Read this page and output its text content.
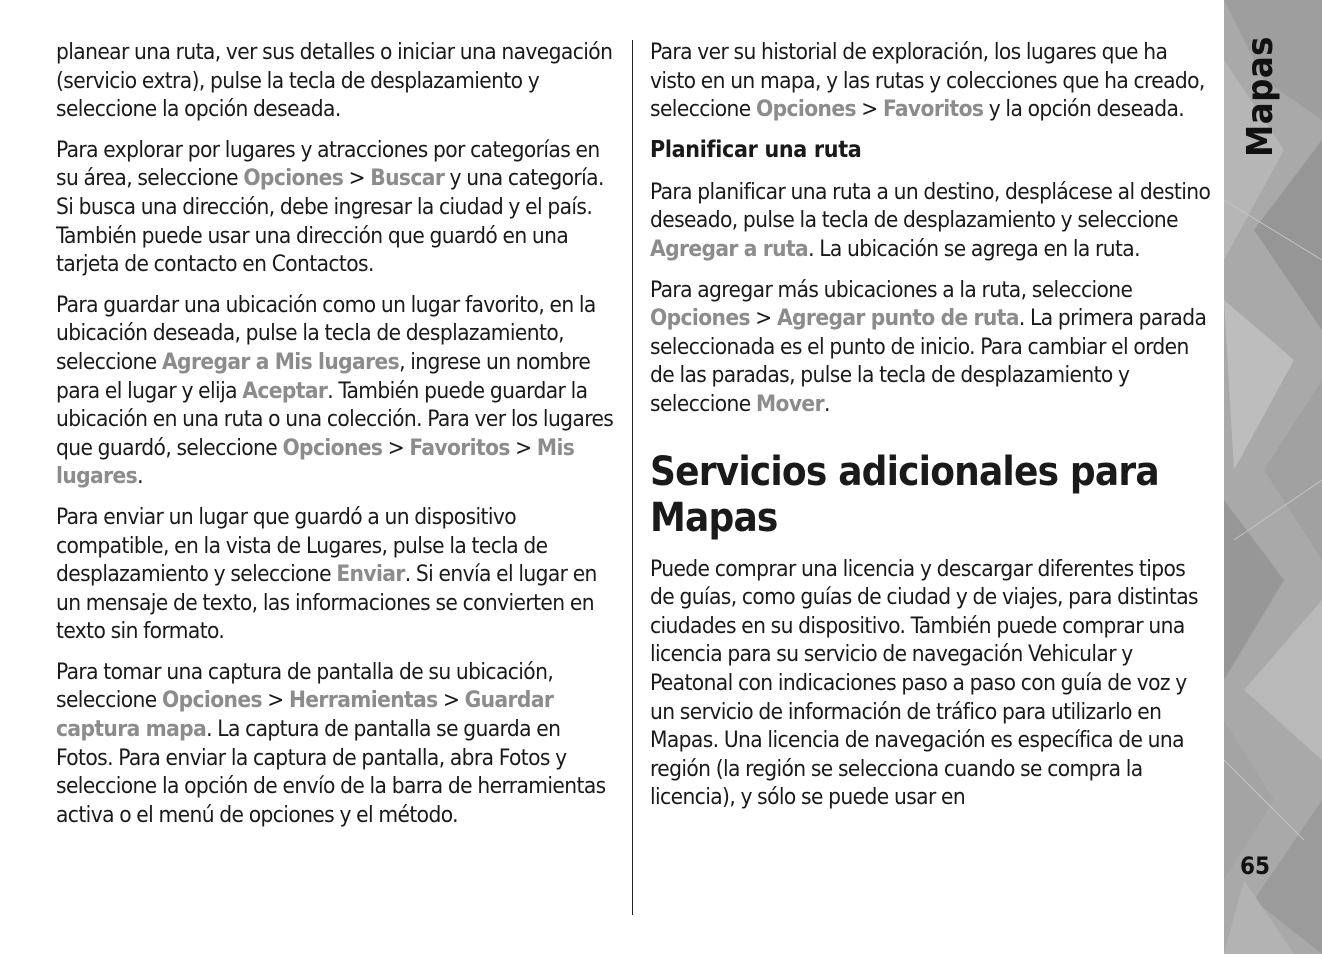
planear una ruta, ver sus detalles o iniciar una navegación (servicio extra), pulse la tecla de desplazamiento y seleccione la opción deseada.

Para explorar por lugares y atracciones por categorías en su área, seleccione Opciones > Buscar y una categoría. Si busca una dirección, debe ingresar la ciudad y el país. También puede usar una dirección que guardó en una tarjeta de contacto en Contactos.

Para guardar una ubicación como un lugar favorito, en la ubicación deseada, pulse la tecla de desplazamiento, seleccione Agregar a Mis lugares, ingrese un nombre para el lugar y elija Aceptar. También puede guardar la ubicación en una ruta o una colección. Para ver los lugares que guardó, seleccione Opciones > Favoritos > Mis lugares.

Para enviar un lugar que guardó a un dispositivo compatible, en la vista de Lugares, pulse la tecla de desplazamiento y seleccione Enviar. Si envía el lugar en un mensaje de texto, las informaciones se convierten en texto sin formato.

Para tomar una captura de pantalla de su ubicación, seleccione Opciones > Herramientas > Guardar captura mapa. La captura de pantalla se guarda en Fotos. Para enviar la captura de pantalla, abra Fotos y seleccione la opción de envío de la barra de herramientas activa o el menú de opciones y el método.

Para ver su historial de exploración, los lugares que ha visto en un mapa, y las rutas y colecciones que ha creado, seleccione Opciones > Favoritos y la opción deseada.

Planificar una ruta

Para planificar una ruta a un destino, desplácese al destino deseado, pulse la tecla de desplazamiento y seleccione Agregar a ruta. La ubicación se agrega en la ruta.

Para agregar más ubicaciones a la ruta, seleccione Opciones > Agregar punto de ruta. La primera parada seleccionada es el punto de inicio. Para cambiar el orden de las paradas, pulse la tecla de desplazamiento y seleccione Mover.

Servicios adicionales para Mapas

Puede comprar una licencia y descargar diferentes tipos de guías, como guías de ciudad y de viajes, para distintas ciudades en su dispositivo. También puede comprar una licencia para su servicio de navegación Vehicular y Peatonal con indicaciones paso a paso con guía de voz y un servicio de información de tráfico para utilizarlo en Mapas. Una licencia de navegación es específica de una región (la región se selecciona cuando se compra la licencia), y sólo se puede usar en

Mapas
65
